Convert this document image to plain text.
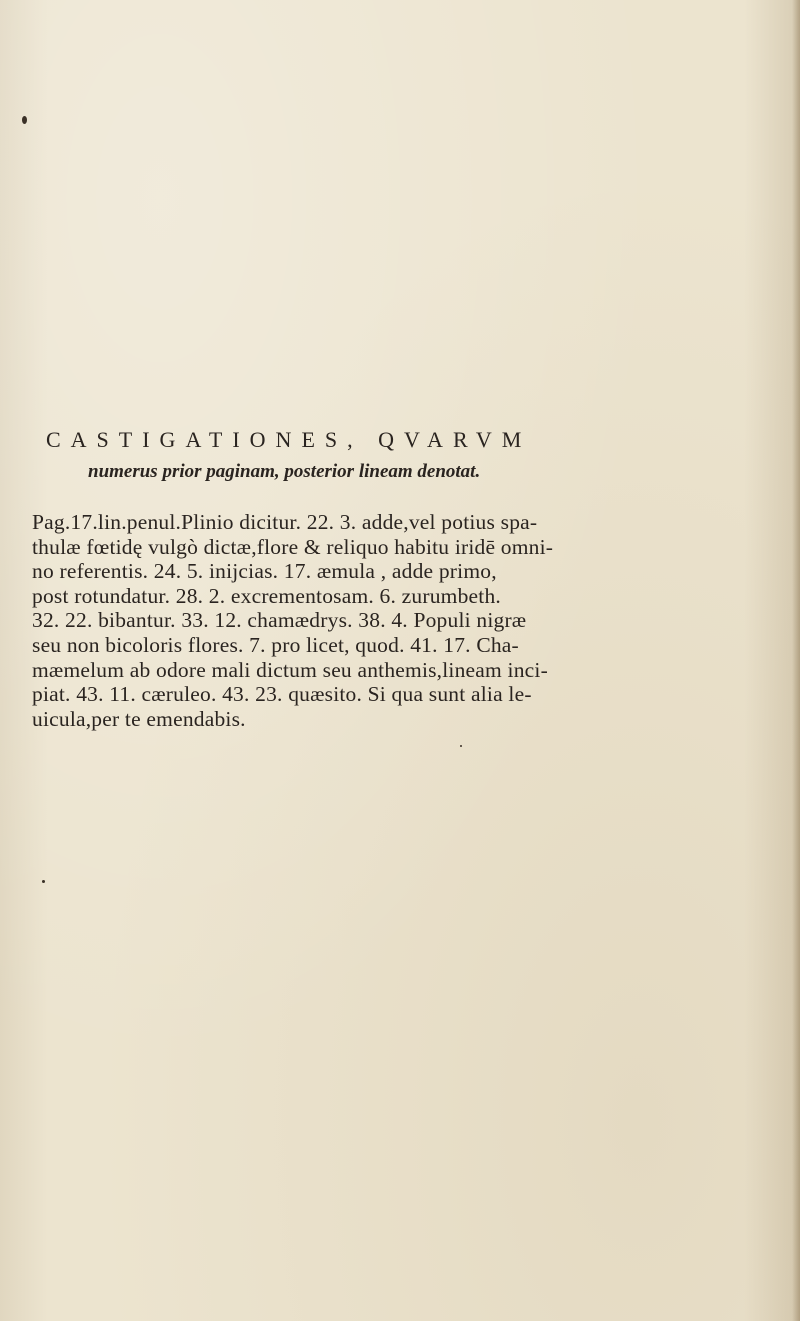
CASTIGATIONES, QVARVM
numerus prior paginam, posterior lineam denotat.
Pag.17.lin.penul.Plinio dicitur. 22. 3. adde,vel potius spa-
thulæ fœtidę vulgò dictæ,flore & reliquo habitu iridē omni-
no referentis. 24. 5. inijcias. 17. æmula , adde primo,
post rotundatur. 28. 2. excrementosam. 6. zurumbeth.
32. 22. bibantur. 33. 12. chamædrys. 38. 4. Populi nigræ
seu non bicoloris flores. 7. pro licet, quod. 41. 17. Cha-
mæmelum ab odore mali dictum seu anthemis,lineam inci-
piat. 43. 11. cæruleo. 43. 23. quæsito. Si qua sunt alia le-
uicula,per te emendabis.
